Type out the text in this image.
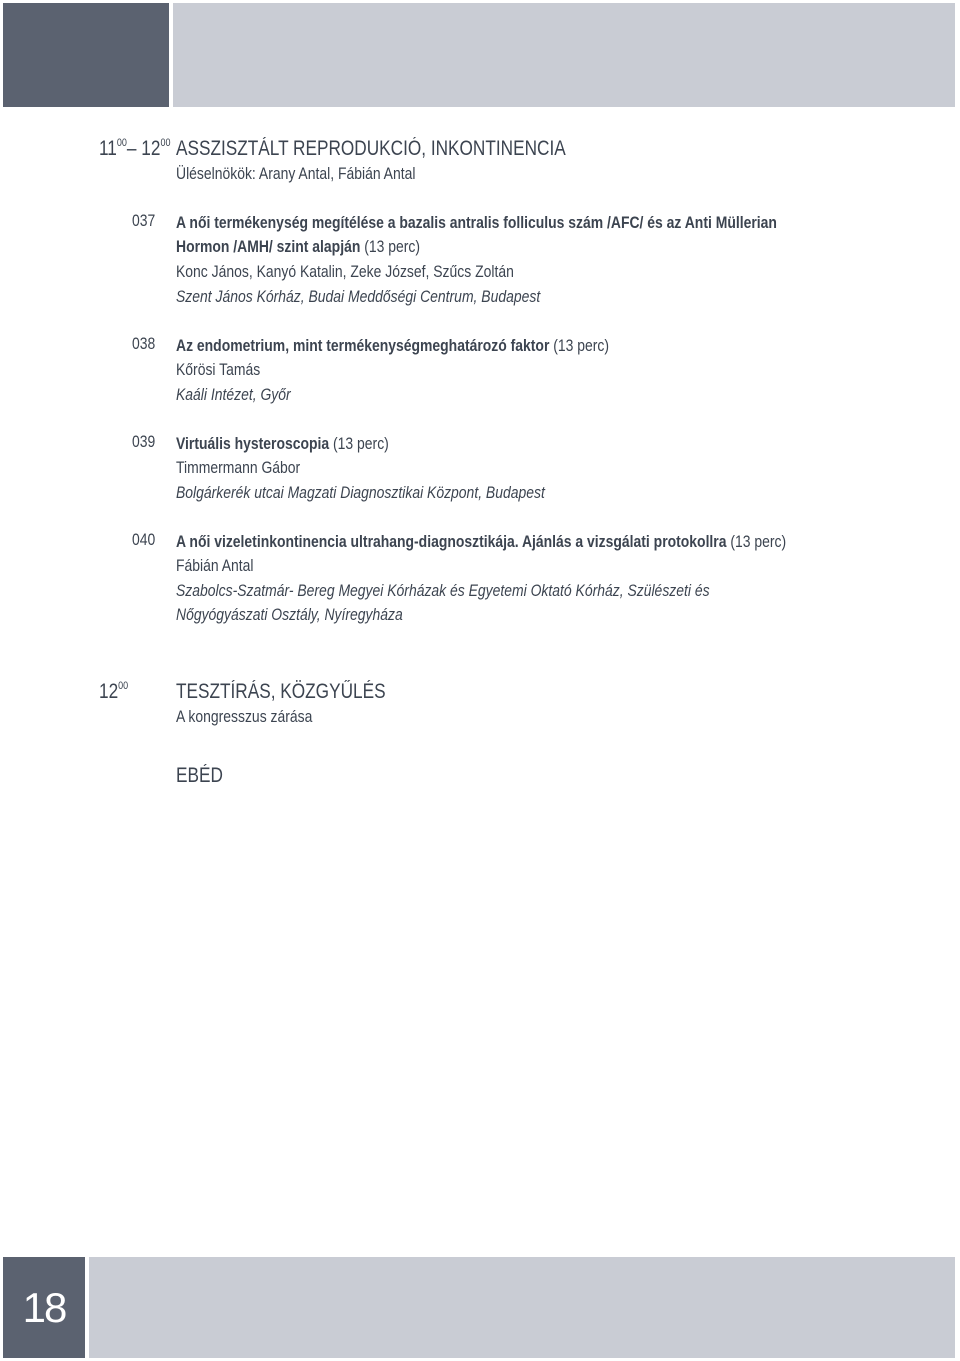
$11^{00}-$ $12^{00}$ ASSZISZTÁLT REPRODUKCIÓ, INKONTINENCIA
Üléselnökök: Arany Antal, Fábián Antal
037	A női termékenység megítélése a bazalis antralis folliculus szám /AFC/ és az Anti Müllerian
Hormon /AMH/ szint alapján (13 perc)
Konc János, Kanyó Katalin, Zeke József, Szűcs Zoltán
Szent János Kórház, Budai Meddőségi Centrum, Budapest
038	Az endometrium, mint termékenységmeghatározó faktor (13 perc)
Kőrösi Tamás
Kaáli Intézet, Győr
039	Virtuális hysteroscopia (13 perc)
Timmermann Gábor
Bolgárkerék utcai Magzati Diagnosztikai Központ, Budapest
040	A női vizeletinkontinencia ultrahang-diagnosztikája. Ajánlás a vizsgálati protokollra (13 perc)
Fábián Antal
Szabolcs-Szatmár- Bereg Megyei Kórházak és Egyetemi Oktató Kórház, Szülészeti és
Nőgyógyászati Osztály, Nyíregyháza
$12^{00}$	TESZTÍRÁS, KÖZGYŰLÉS
A kongresszus zárása
EBÉD
18
